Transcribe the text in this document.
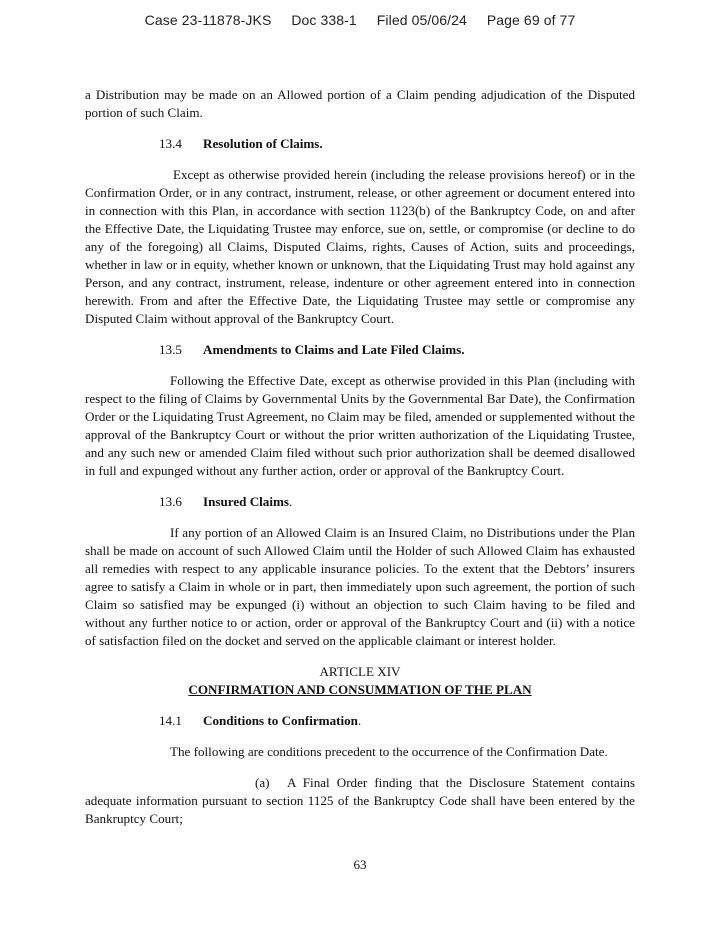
Case 23-11878-JKS     Doc 338-1     Filed 05/06/24     Page 69 of 77

a Distribution may be made on an Allowed portion of a Claim pending adjudication of the Disputed portion of such Claim.

13.4 Resolution of Claims.

Except as otherwise provided herein (including the release provisions hereof) or in the Confirmation Order, or in any contract, instrument, release, or other agreement or document entered into in connection with this Plan, in accordance with section 1123(b) of the Bankruptcy Code, on and after the Effective Date, the Liquidating Trustee may enforce, sue on, settle, or compromise (or decline to do any of the foregoing) all Claims, Disputed Claims, rights, Causes of Action, suits and proceedings, whether in law or in equity, whether known or unknown, that the Liquidating Trust may hold against any Person, and any contract, instrument, release, indenture or other agreement entered into in connection herewith. From and after the Effective Date, the Liquidating Trustee may settle or compromise any Disputed Claim without approval of the Bankruptcy Court.

13.5 Amendments to Claims and Late Filed Claims.

Following the Effective Date, except as otherwise provided in this Plan (including with respect to the filing of Claims by Governmental Units by the Governmental Bar Date), the Confirmation Order or the Liquidating Trust Agreement, no Claim may be filed, amended or supplemented without the approval of the Bankruptcy Court or without the prior written authorization of the Liquidating Trustee, and any such new or amended Claim filed without such prior authorization shall be deemed disallowed in full and expunged without any further action, order or approval of the Bankruptcy Court.

13.6 Insured Claims.

If any portion of an Allowed Claim is an Insured Claim, no Distributions under the Plan shall be made on account of such Allowed Claim until the Holder of such Allowed Claim has exhausted all remedies with respect to any applicable insurance policies. To the extent that the Debtors’ insurers agree to satisfy a Claim in whole or in part, then immediately upon such agreement, the portion of such Claim so satisfied may be expunged (i) without an objection to such Claim having to be filed and without any further notice to or action, order or approval of the Bankruptcy Court and (ii) with a notice of satisfaction filed on the docket and served on the applicable claimant or interest holder.

ARTICLE XIV

CONFIRMATION AND CONSUMMATION OF THE PLAN

14.1 Conditions to Confirmation.

The following are conditions precedent to the occurrence of the Confirmation Date.

(a) A Final Order finding that the Disclosure Statement contains adequate information pursuant to section 1125 of the Bankruptcy Code shall have been entered by the Bankruptcy Court;

63
